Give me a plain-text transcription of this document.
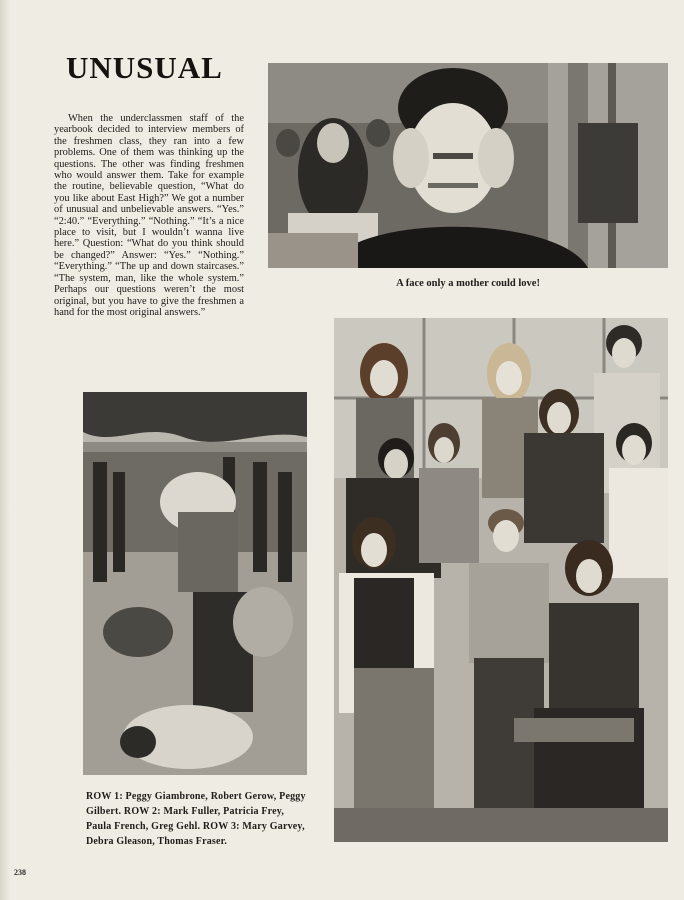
UNUSUAL

When the underclassmen staff of the yearbook decided to interview members of the freshmen class, they ran into a few problems. One of them was thinking up the questions. The other was finding freshmen who would answer them. Take for example the routine, believable question, “What do you like about East High?” We got a number of unusual and unbelievable answers. “Yes.” “2:40.” “Everything.” “Nothing.” “It’s a nice place to visit, but I wouldn’t wanna live here.” Question: “What do you think should be changed?” Answer: “Yes.” “Nothing.” “Everything.” “The up and down staircases.” “The system, man, like the whole system.” Perhaps our questions weren’t the most original, but you have to give the freshmen a hand for the most original answers.”

A face only a mother could love!
ROW 1: Peggy Giambrone, Robert Gerow, Peggy Gilbert. ROW 2: Mark Fuller, Patricia Frey, Paula French, Greg Gehl. ROW 3: Mary Garvey, Debra Gleason, Thomas Fraser.
238
